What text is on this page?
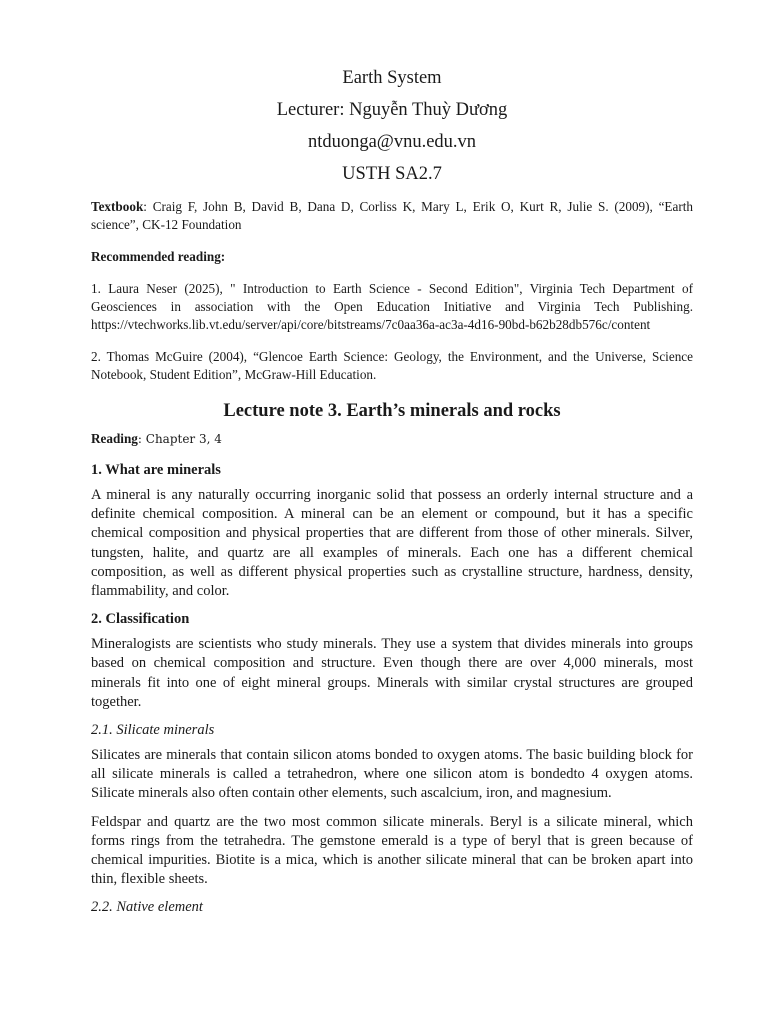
Earth System

Lecturer: Nguyễn Thuỳ Dương

ntduonga@vnu.edu.vn

USTH SA2.7

Textbook: Craig F, John B, David B, Dana D, Corliss K, Mary L, Erik O, Kurt R, Julie S. (2009), “Earth science”, CK-12 Foundation

Recommended reading:

1. Laura Neser (2025), " Introduction to Earth Science - Second Edition", Virginia Tech Department of Geosciences in association with the Open Education Initiative and Virginia Tech Publishing. https://vtechworks.lib.vt.edu/server/api/core/bitstreams/7c0aa36a-ac3a-4d16-90bd-b62b28db576c/content

2. Thomas McGuire (2004), “Glencoe Earth Science: Geology, the Environment, and the Universe, Science Notebook, Student Edition”, McGraw-Hill Education.

Lecture note 3. Earth’s minerals and rocks

Reading: Chapter 3, 4

1. What are minerals

A mineral is any naturally occurring inorganic solid that possess an orderly internal structure and a definite chemical composition. A mineral can be an element or compound, but it has a specific chemical composition and physical properties that are different from those of other minerals. Silver, tungsten, halite, and quartz are all examples of minerals. Each one has a different chemical composition, as well as different physical properties such as crystalline structure, hardness, density, flammability, and color.

2. Classification

Mineralogists are scientists who study minerals. They use a system that divides minerals into groups based on chemical composition and structure. Even though there are over 4,000 minerals, most minerals fit into one of eight mineral groups. Minerals with similar crystal structures are grouped together.

2.1. Silicate minerals

Silicates are minerals that contain silicon atoms bonded to oxygen atoms. The basic building block for all silicate minerals is called a tetrahedron, where one silicon atom is bondedto 4 oxygen atoms. Silicate minerals also often contain other elements, such ascalcium, iron, and magnesium.

Feldspar and quartz are the two most common silicate minerals. Beryl is a silicate mineral, which forms rings from the tetrahedra. The gemstone emerald is a type of beryl that is green because of chemical impurities. Biotite is a mica, which is another silicate mineral that can be broken apart into thin, flexible sheets.

2.2. Native element
